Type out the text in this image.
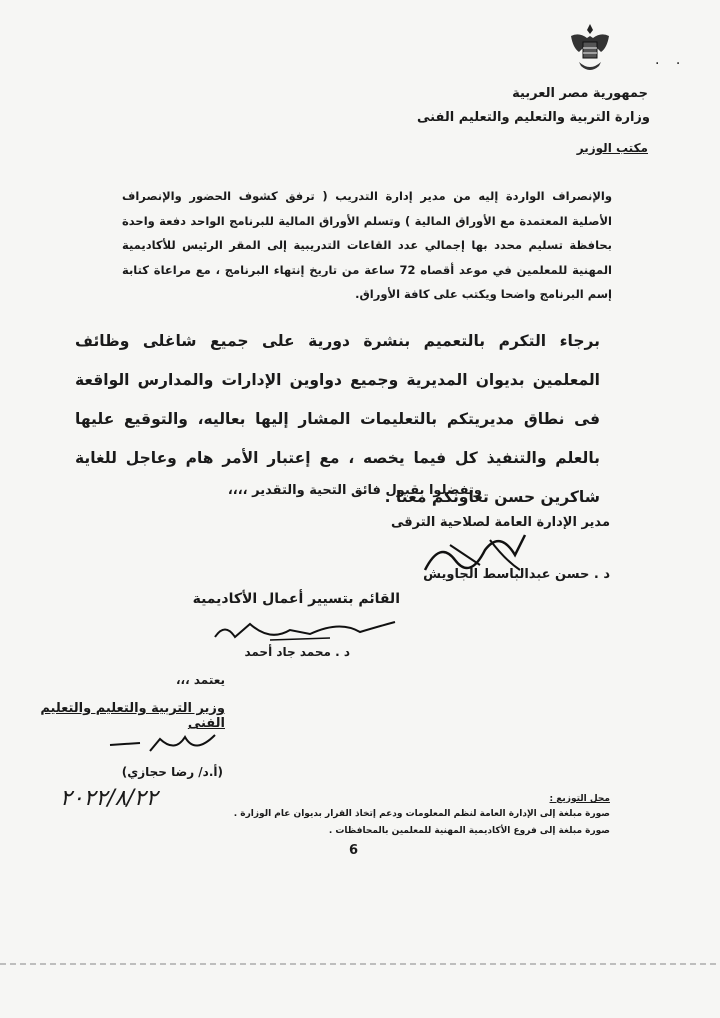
. .
جمهورية مصر العربية
وزارة التربية والتعليم والتعليم الفنى
مكتب الوزير
والإنصراف الواردة إليه من مدير إدارة التدريب ( ترفق كشوف الحضور والإنصراف الأصلية المعتمدة مع الأوراق المالية ) وتسلم الأوراق المالية للبرنامج الواحد دفعة واحدة بحافظة تسليم محدد بها إجمالي عدد القاعات التدريبية إلى المقر الرئيس للأكاديمية المهنية للمعلمين في موعد أقصاه 72 ساعة من تاريخ إنتهاء البرنامج ، مع مراعاة كتابة إسم البرنامج واضحا ويكتب على كافة الأوراق.
برجاء التكرم بالتعميم بنشرة دورية على جميع شاغلى وظائف المعلمين بديوان المديرية وجميع دواوين الإدارات والمدارس الواقعة فى نطاق مديريتكم بالتعليمات المشار إليها بعاليه، والتوقيع عليها بالعلم والتنفيذ كل فيما يخصه ، مع إعتبار الأمر هام وعاجل للغاية شاكرين حسن تعاونكم معنا .
وتفضلوا بقبول فائق التحية والتقدير ،،،،
مدير الإدارة العامة لصلاحية الترقى
د . حسن عبدالباسط الجاويش
القائم بتسيير أعمال الأكاديمية
د . محمد جاد أحمد
يعتمد ،،،
وزير التربية والتعليم والتعليم الفنى
(أ.د/ رضا حجازي)
٢٠٢٢/٨/٢٢	محل التوزيع :
صورة مبلغة إلى الإدارة العامة لنظم المعلومات ودعم إتخاذ القرار بديوان عام الوزارة .
صورة مبلغة إلى فروع الأكاديمية المهنية للمعلمين بالمحافظات .
6
